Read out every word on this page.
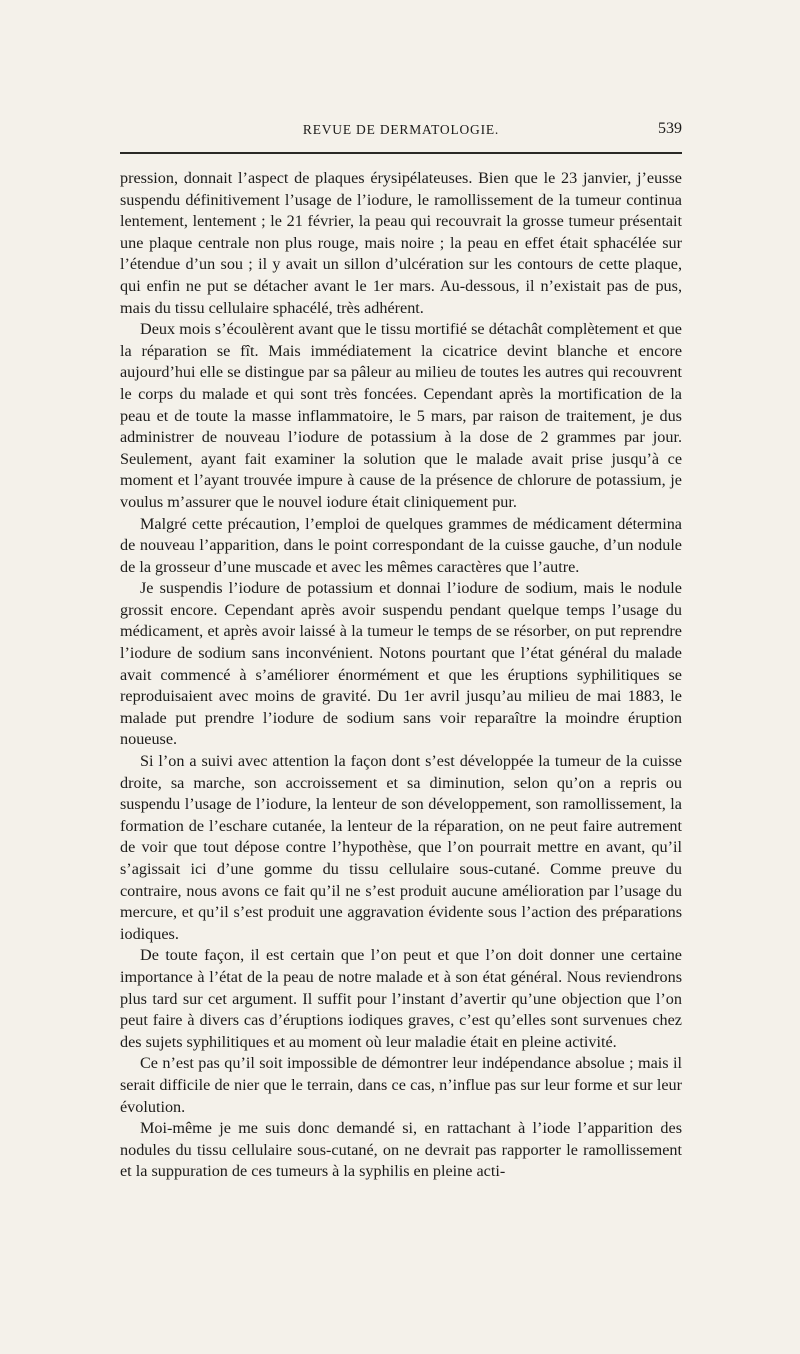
REVUE DE DERMATOLOGIE.	539

pression, donnait l’aspect de plaques érysipélateuses. Bien que le 23 janvier, j’eusse suspendu définitivement l’usage de l’iodure, le ramollissement de la tumeur continua lentement, lentement ; le 21 février, la peau qui recouvrait la grosse tumeur présentait une plaque centrale non plus rouge, mais noire ; la peau en effet était sphacélée sur l’étendue d’un sou ; il y avait un sillon d’ulcération sur les contours de cette plaque, qui enfin ne put se détacher avant le 1er mars. Au-dessous, il n’existait pas de pus, mais du tissu cellulaire sphacélé, très adhérent.

Deux mois s’écoulèrent avant que le tissu mortifié se détachât complètement et que la réparation se fît. Mais immédiatement la cicatrice devint blanche et encore aujourd’hui elle se distingue par sa pâleur au milieu de toutes les autres qui recouvrent le corps du malade et qui sont très foncées. Cependant après la mortification de la peau et de toute la masse inflammatoire, le 5 mars, par raison de traitement, je dus administrer de nouveau l’iodure de potassium à la dose de 2 grammes par jour. Seulement, ayant fait examiner la solution que le malade avait prise jusqu’à ce moment et l’ayant trouvée impure à cause de la présence de chlorure de potassium, je voulus m’assurer que le nouvel iodure était cliniquement pur.

Malgré cette précaution, l’emploi de quelques grammes de médicament détermina de nouveau l’apparition, dans le point correspondant de la cuisse gauche, d’un nodule de la grosseur d’une muscade et avec les mêmes caractères que l’autre.

Je suspendis l’iodure de potassium et donnai l’iodure de sodium, mais le nodule grossit encore. Cependant après avoir suspendu pendant quelque temps l’usage du médicament, et après avoir laissé à la tumeur le temps de se résorber, on put reprendre l’iodure de sodium sans inconvénient. Notons pourtant que l’état général du malade avait commencé à s’améliorer énormément et que les éruptions syphilitiques se reproduisaient avec moins de gravité. Du 1er avril jusqu’au milieu de mai 1883, le malade put prendre l’iodure de sodium sans voir reparaître la moindre éruption noueuse.

Si l’on a suivi avec attention la façon dont s’est développée la tumeur de la cuisse droite, sa marche, son accroissement et sa diminution, selon qu’on a repris ou suspendu l’usage de l’iodure, la lenteur de son développement, son ramollissement, la formation de l’eschare cutanée, la lenteur de la réparation, on ne peut faire autrement de voir que tout dépose contre l’hypothèse, que l’on pourrait mettre en avant, qu’il s’agissait ici d’une gomme du tissu cellulaire sous-cutané. Comme preuve du contraire, nous avons ce fait qu’il ne s’est produit aucune amélioration par l’usage du mercure, et qu’il s’est produit une aggravation évidente sous l’action des préparations iodiques.

De toute façon, il est certain que l’on peut et que l’on doit donner une certaine importance à l’état de la peau de notre malade et à son état général. Nous reviendrons plus tard sur cet argument. Il suffit pour l’instant d’avertir qu’une objection que l’on peut faire à divers cas d’éruptions iodiques graves, c’est qu’elles sont survenues chez des sujets syphilitiques et au moment où leur maladie était en pleine activité.

Ce n’est pas qu’il soit impossible de démontrer leur indépendance absolue ; mais il serait difficile de nier que le terrain, dans ce cas, n’influe pas sur leur forme et sur leur évolution.

Moi-même je me suis donc demandé si, en rattachant à l’iode l’apparition des nodules du tissu cellulaire sous-cutané, on ne devrait pas rapporter le ramollissement et la suppuration de ces tumeurs à la syphilis en pleine acti-
